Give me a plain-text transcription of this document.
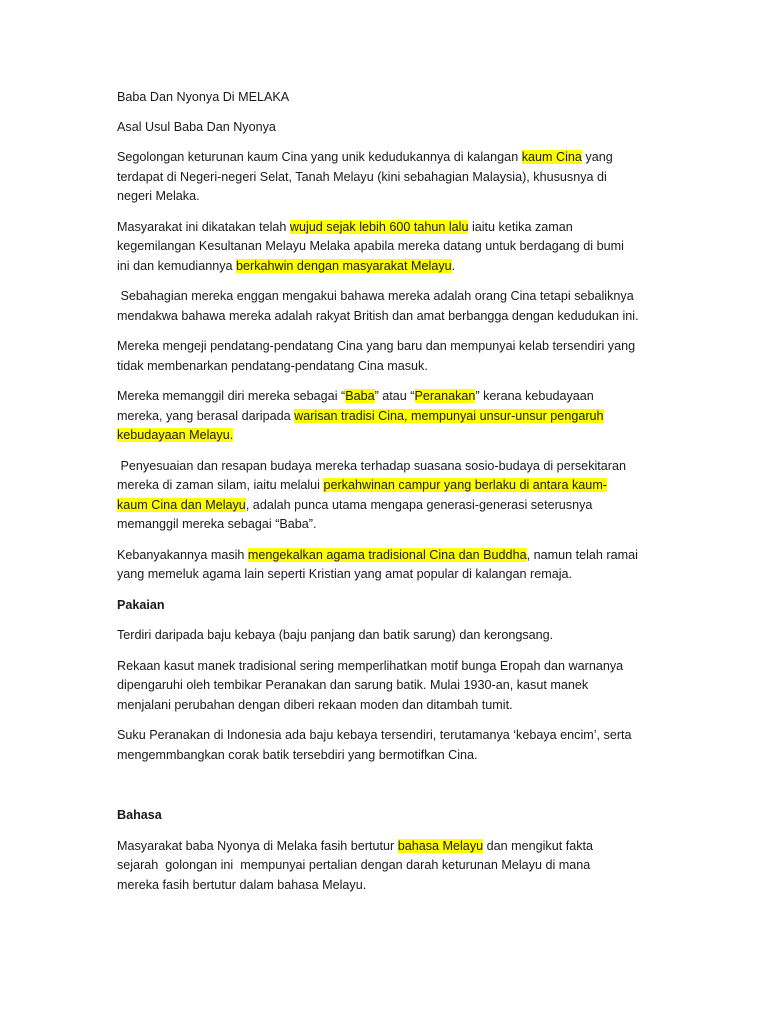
Baba Dan Nyonya Di MELAKA
Asal Usul Baba Dan Nyonya
Segolongan keturunan kaum Cina yang unik kedudukannya di kalangan kaum Cina yang
terdapat di Negeri-negeri Selat, Tanah Melayu (kini sebahagian Malaysia), khususnya di
negeri Melaka.
Masyarakat ini dikatakan telah wujud sejak lebih 600 tahun lalu iaitu ketika zaman
kegemilangan Kesultanan Melayu Melaka apabila mereka datang untuk berdagang di bumi
ini dan kemudiannya berkahwin dengan masyarakat Melayu.
Sebahagian mereka enggan mengakui bahawa mereka adalah orang Cina tetapi sebaliknya
mendakwa bahawa mereka adalah rakyat British dan amat berbangga dengan kedudukan ini.
Mereka mengeji pendatang-pendatang Cina yang baru dan mempunyai kelab tersendiri yang
tidak membenarkan pendatang-pendatang Cina masuk.
Mereka memanggil diri mereka sebagai “Baba” atau “Peranakan” kerana kebudayaan
mereka, yang berasal daripada warisan tradisi Cina, mempunyai unsur-unsur pengaruh
kebudayaan Melayu.
Penyesuaian dan resapan budaya mereka terhadap suasana sosio-budaya di persekitaran
mereka di zaman silam, iaitu melalui perkahwinan campur yang berlaku di antara kaum-
kaum Cina dan Melayu, adalah punca utama mengapa generasi-generasi seterusnya
memanggil mereka sebagai “Baba”.
Kebanyakannya masih mengekalkan agama tradisional Cina dan Buddha, namun telah ramai
yang memeluk agama lain seperti Kristian yang amat popular di kalangan remaja.
Pakaian
Terdiri daripada baju kebaya (baju panjang dan batik sarung) dan kerongsang.
Rekaan kasut manek tradisional sering memperlihatkan motif bunga Eropah dan warnanya
dipengaruhi oleh tembikar Peranakan dan sarung batik. Mulai 1930-an, kasut manek
menjalani perubahan dengan diberi rekaan moden dan ditambah tumit.
Suku Peranakan di Indonesia ada baju kebaya tersendiri, terutamanya ‘kebaya encim’, serta
mengemmbangkan corak batik tersebdiri yang bermotifkan Cina.
Bahasa
Masyarakat baba Nyonya di Melaka fasih bertutur bahasa Melayu dan mengikut fakta
sejarah  golongan ini  mempunyai pertalian dengan darah keturunan Melayu di mana
mereka fasih bertutur dalam bahasa Melayu.
